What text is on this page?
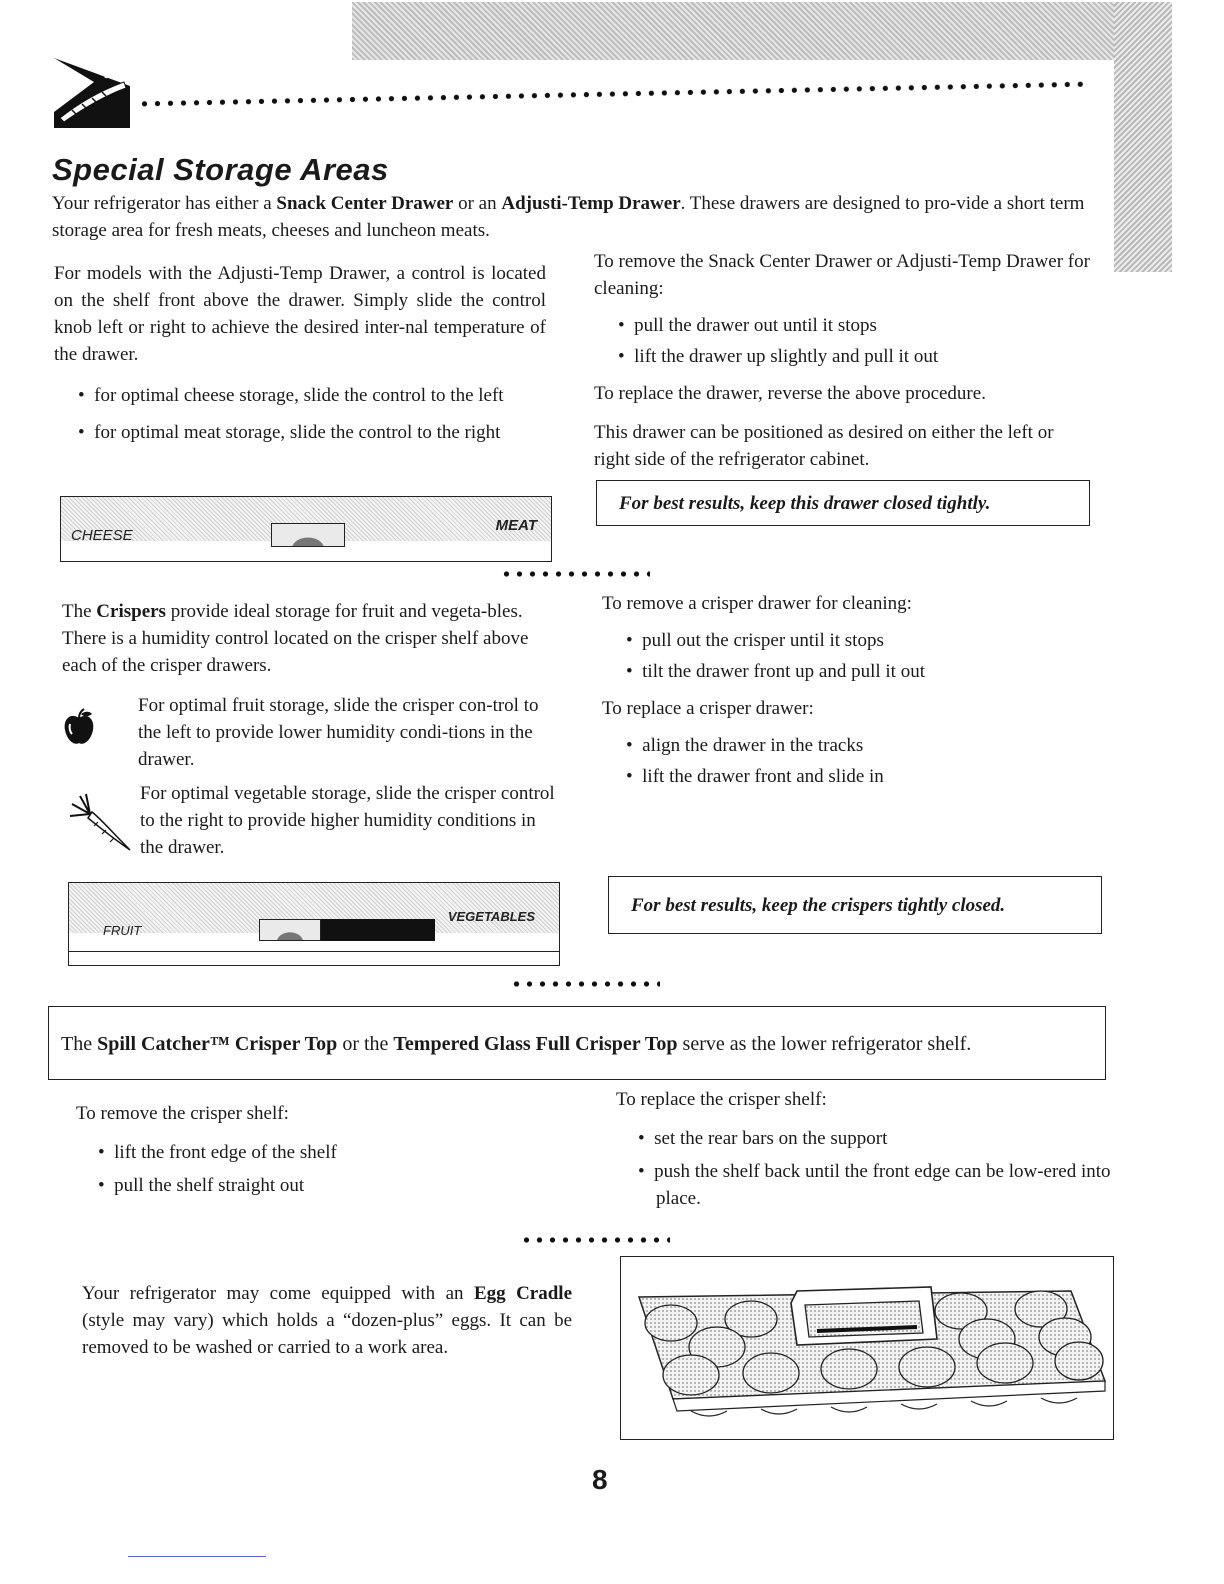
Special Storage Areas

Your refrigerator has either a Snack Center Drawer or an Adjusti-Temp Drawer. These drawers are designed to pro-vide a short term storage area for fresh meats, cheeses and luncheon meats.

For models with the Adjusti-Temp Drawer, a control is located on the shelf front above the drawer. Simply slide the control knob left or right to achieve the desired inter-nal temperature of the drawer.

•  for optimal cheese storage, slide the control to the left

•  for optimal meat storage, slide the control to the right

CHEESE
MEAT

To remove the Snack Center Drawer or Adjusti-Temp Drawer for cleaning:

•  pull the drawer out until it stops

•  lift the drawer up slightly and pull it out

To replace the drawer, reverse the above procedure.

This drawer can be positioned as desired on either the left or right side of the refrigerator cabinet.

For best results, keep this drawer closed tightly.

The Crispers provide ideal storage for fruit and vegeta-bles. There is a humidity control located on the crisper shelf above each of the crisper drawers.

For optimal fruit storage, slide the crisper con-trol to the left to provide lower humidity condi-tions in the drawer.

For optimal vegetable storage, slide the crisper control to the right to provide higher humidity conditions in the drawer.

FRUIT
VEGETABLES

To remove a crisper drawer for cleaning:

•  pull out the crisper until it stops

•  tilt the drawer front up and pull it out

To replace a crisper drawer:

•  align the drawer in the tracks

•  lift the drawer front and slide in

For best results, keep the crispers tightly closed.

The Spill Catcher™ Crisper Top or the Tempered Glass Full Crisper Top serve as the lower refrigerator shelf.

To remove the crisper shelf:

•  lift the front edge of the shelf

•  pull the shelf straight out

To replace the crisper shelf:

•  set the rear bars on the support

•  push the shelf back until the front edge can be low-ered into place.

Your refrigerator may come equipped with an Egg Cradle (style may vary) which holds a “dozen-plus” eggs. It can be removed to be washed or carried to a work area.

8
